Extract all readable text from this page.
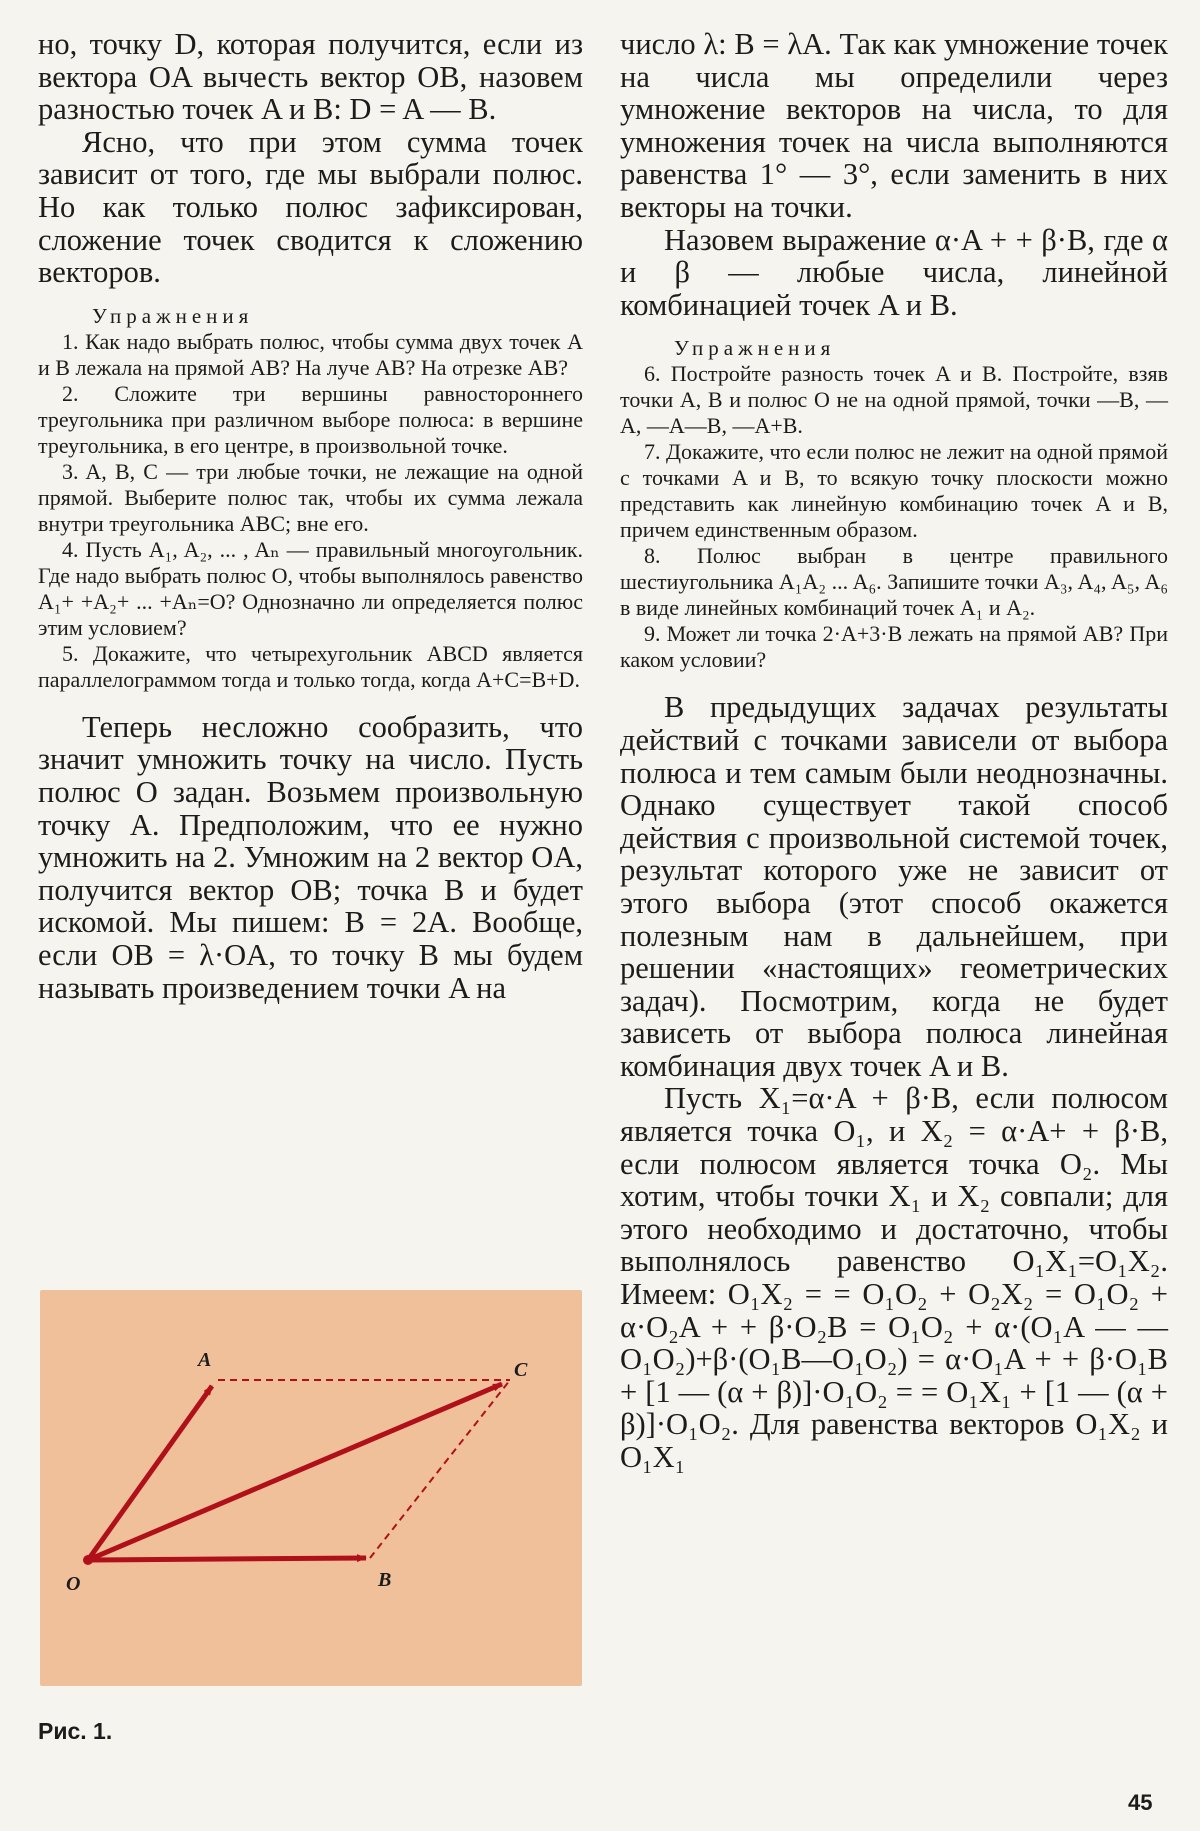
но, точку D, которая получится, если из вектора OA вычесть вектор OB, назовем разностью точек A и B: D = A — B.

Ясно, что при этом сумма точек зависит от того, где мы выбрали полюс. Но как только полюс зафиксирован, сложение точек сводится к сложению векторов.

Упражнения

1. Как надо выбрать полюс, чтобы сумма двух точек A и B лежала на прямой AB? На луче AB? На отрезке AB?

2. Сложите три вершины равностороннего треугольника при различном выборе полюса: в вершине треугольника, в его центре, в произвольной точке.

3. A, B, C — три любые точки, не лежащие на одной прямой. Выберите полюс так, чтобы их сумма лежала внутри треугольника ABC; вне его.

4. Пусть A₁, A₂, ... , Aₙ — правильный многоугольник. Где надо выбрать полюс O, чтобы выполнялось равенство A₁+ +A₂+ ... +Aₙ=O? Однозначно ли определяется полюс этим условием?

5. Докажите, что четырехугольник ABCD является параллелограммом тогда и только тогда, когда A+C=B+D.

Теперь несложно сообразить, что значит умножить точку на число. Пусть полюс O задан. Возьмем произвольную точку A. Предположим, что ее нужно умножить на 2. Умножим на 2 вектор OA, получится вектор OB; точка B и будет искомой. Мы пишем: B = 2A. Вообще, если OB = λ·OA, то точку B мы будем называть произведением точки A на

A	C
O	B
Рис. 1.

число λ: B = λA. Так как умножение точек на числа мы определили через умножение векторов на числа, то для умножения точек на числа выполняются равенства 1° — 3°, если заменить в них векторы на точки.

Назовем выражение α·A + + β·B, где α и β — любые числа, линейной комбинацией точек A и B.

Упражнения

6. Постройте разность точек A и B. Постройте, взяв точки A, B и полюс O не на одной прямой, точки —B, —A, —A—B, —A+B.

7. Докажите, что если полюс не лежит на одной прямой с точками A и B, то всякую точку плоскости можно представить как линейную комбинацию точек A и B, причем единственным образом.

8. Полюс выбран в центре правильного шестиугольника A₁A₂ ... A₆. Запишите точки A₃, A₄, A₅, A₆ в виде линейных комбинаций точек A₁ и A₂.

9. Может ли точка 2·A+3·B лежать на прямой AB? При каком условии?

В предыдущих задачах результаты действий с точками зависели от выбора полюса и тем самым были неоднозначны. Однако существует такой способ действия с произвольной системой точек, результат которого уже не зависит от этого выбора (этот способ окажется полезным нам в дальнейшем, при решении «настоящих» геометрических задач). Посмотрим, когда не будет зависеть от выбора полюса линейная комбинация двух точек A и B.

Пусть X₁=α·A + β·B, если полюсом является точка O₁, и X₂ = α·A+ + β·B, если полюсом является точка O₂. Мы хотим, чтобы точки X₁ и X₂ совпали; для этого необходимо и достаточно, чтобы выполнялось равенство O₁X₁=O₁X₂. Имеем: O₁X₂ = = O₁O₂ + O₂X₂ = O₁O₂ + α·O₂A + + β·O₂B = O₁O₂ + α·(O₁A — —O₁O₂)+β·(O₁B—O₁O₂) = α·O₁A + + β·O₁B + [1 — (α + β)]·O₁O₂ = = O₁X₁ + [1 — (α + β)]·O₁O₂. Для равенства векторов O₁X₂ и O₁X₁

45
